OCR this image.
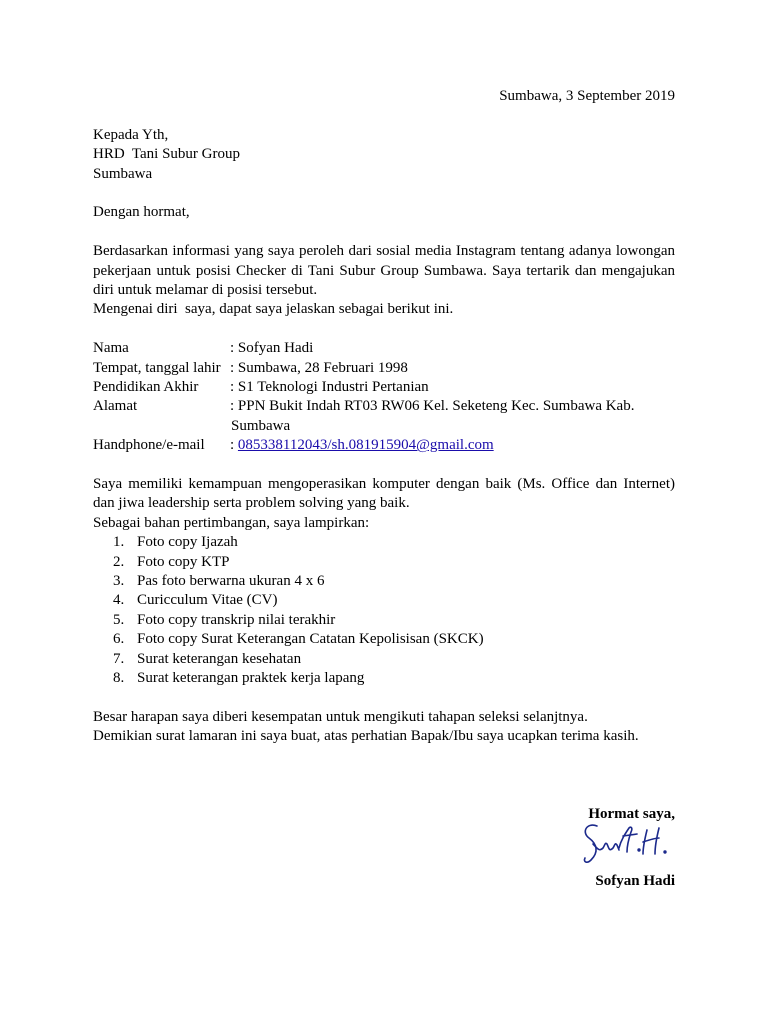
Sumbawa, 3 September 2019
Kepada Yth,
HRD  Tani Subur Group
Sumbawa
Dengan hormat,
Berdasarkan informasi yang saya peroleh dari sosial media Instagram tentang adanya lowongan pekerjaan untuk posisi Checker di Tani Subur Group Sumbawa. Saya tertarik dan mengajukan diri untuk melamar di posisi tersebut.
Mengenai diri  saya, dapat saya jelaskan sebagai berikut ini.
Nama	: Sofyan Hadi
Tempat, tanggal lahir : Sumbawa, 28 Februari 1998
Pendidikan Akhir	: S1 Teknologi Industri Pertanian
Alamat	: PPN Bukit Indah RT03 RW06 Kel. Seketeng Kec. Sumbawa Kab.
Sumbawa
Handphone/e-mail	: 085338112043/sh.081915904@gmail.com
Saya memiliki kemampuan mengoperasikan komputer dengan baik (Ms. Office dan Internet) dan jiwa leadership serta problem solving yang baik.
Sebagai bahan pertimbangan, saya lampirkan:
1. Foto copy Ijazah
2. Foto copy KTP
3. Pas foto berwarna ukuran 4 x 6
4. Curicculum Vitae (CV)
5. Foto copy transkrip nilai terakhir
6. Foto copy Surat Keterangan Catatan Kepolisisan (SKCK)
7. Surat keterangan kesehatan
8. Surat keterangan praktek kerja lapang
Besar harapan saya diberi kesempatan untuk mengikuti tahapan seleksi selanjtnya.
Demikian surat lamaran ini saya buat, atas perhatian Bapak/Ibu saya ucapkan terima kasih.
Hormat saya,
Sofyan Hadi
